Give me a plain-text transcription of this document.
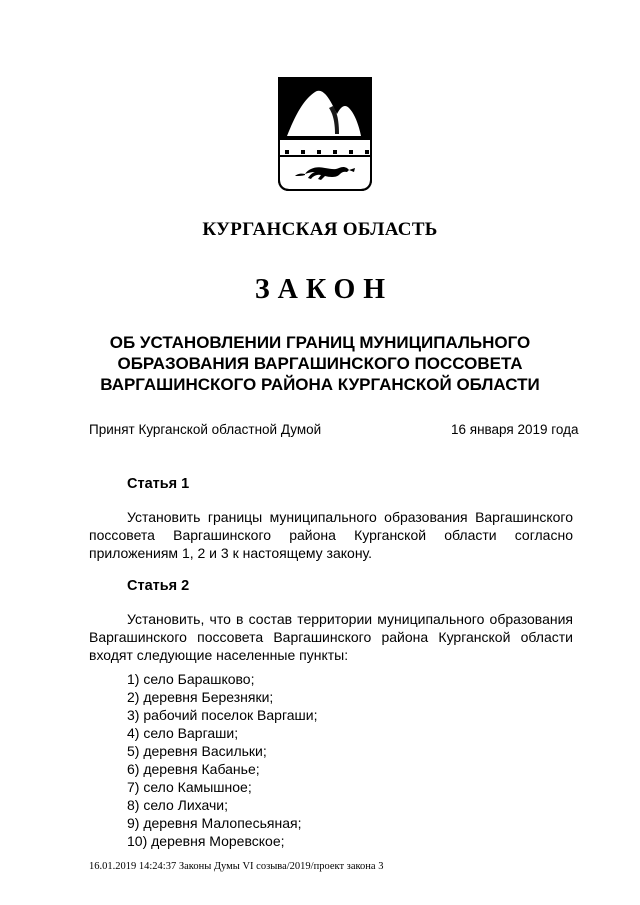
КУРГАНСКАЯ ОБЛАСТЬ
ЗАКОН
ОБ УСТАНОВЛЕНИИ ГРАНИЦ МУНИЦИПАЛЬНОГО
ОБРАЗОВАНИЯ ВАРГАШИНСКОГО ПОССОВЕТА
ВАРГАШИНСКОГО РАЙОНА КУРГАНСКОЙ ОБЛАСТИ
Принят Курганской областной Думой	16 января 2019 года
Статья 1
Установить границы муниципального образования Варгашинского поссовета Варгашинского района Курганской области согласно приложениям 1, 2 и 3 к настоящему закону.
Статья 2
Установить, что в состав территории муниципального образования Варгашинского поссовета Варгашинского района Курганской области входят следующие населенные пункты:
1) село Барашково;
2) деревня Березняки;
3) рабочий поселок Варгаши;
4) село Варгаши;
5) деревня Васильки;
6) деревня Кабанье;
7) село Камышное;
8) село Лихачи;
9) деревня Малопесьяная;
10) деревня Моревское;
16.01.2019 14:24:37 Законы Думы VI созыва/2019/проект закона 3
